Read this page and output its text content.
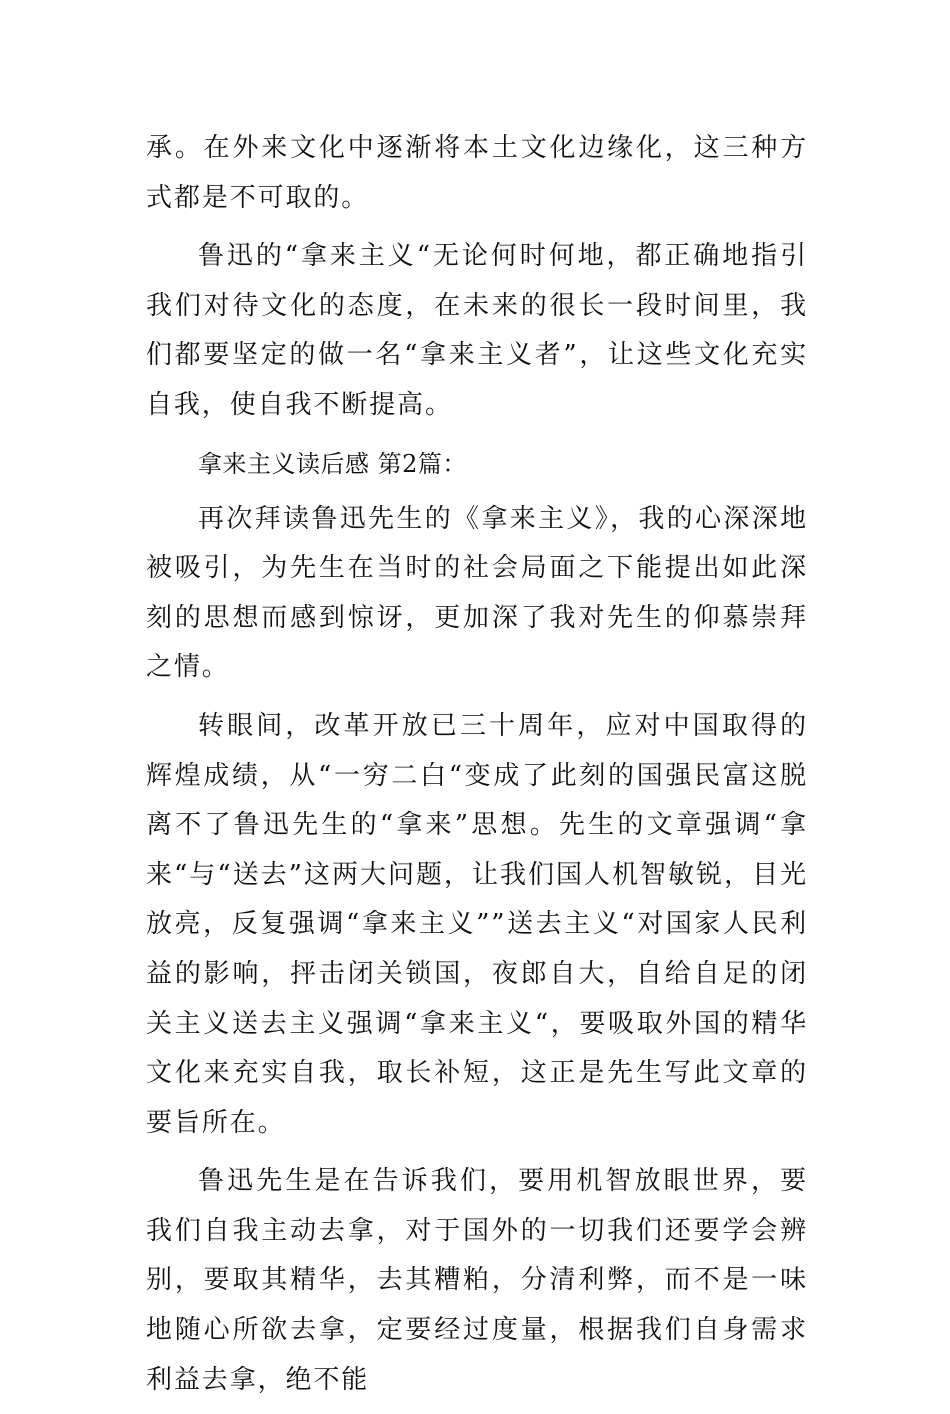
承。在外来文化中逐渐将本土文化边缘化，这三种方式都是不可取的。

鲁迅的“拿来主义“无论何时何地，都正确地指引我们对待文化的态度，在未来的很长一段时间里，我们都要坚定的做一名“拿来主义者”，让这些文化充实自我，使自我不断提高。

拿来主义读后感 第2篇：

再次拜读鲁迅先生的《拿来主义》，我的心深深地被吸引，为先生在当时的社会局面之下能提出如此深刻的思想而感到惊讶，更加深了我对先生的仰慕崇拜之情。

转眼间，改革开放已三十周年，应对中国取得的辉煌成绩，从“一穷二白“变成了此刻的国强民富这脱离不了鲁迅先生的“拿来”思想。先生的文章强调“拿来“与“送去”这两大问题，让我们国人机智敏锐，目光放亮，反复强调“拿来主义””送去主义“对国家人民利益的影响，抨击闭关锁国，夜郎自大，自给自足的闭关主义送去主义强调“拿来主义“，要吸取外国的精华文化来充实自我，取长补短，这正是先生写此文章的要旨所在。

鲁迅先生是在告诉我们，要用机智放眼世界，要我们自我主动去拿，对于国外的一切我们还要学会辨别，要取其精华，去其糟粕，分清利弊，而不是一味地随心所欲去拿，定要经过度量，根据我们自身需求利益去拿，绝不能
